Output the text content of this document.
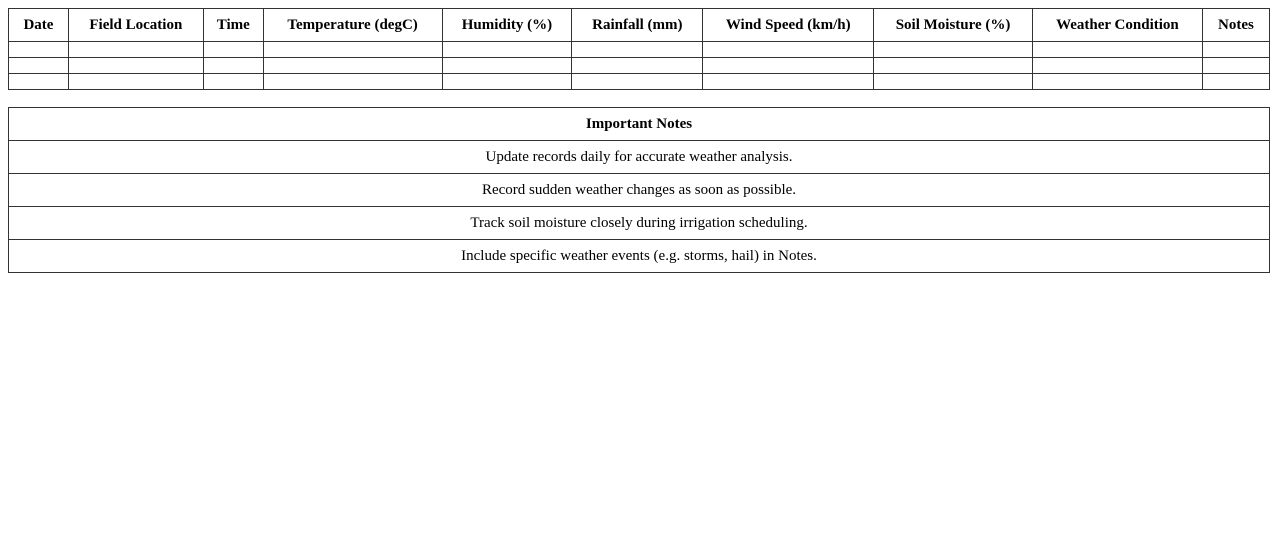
Date	Field Location	Time	Temperature (degC)	Humidity (%)	Rainfall (mm)	Wind Speed (km/h)	Soil Moisture (%)	Weather Condition	Notes

Important Notes
Update records daily for accurate weather analysis.
Record sudden weather changes as soon as possible.
Track soil moisture closely during irrigation scheduling.
Include specific weather events (e.g. storms, hail) in Notes.
